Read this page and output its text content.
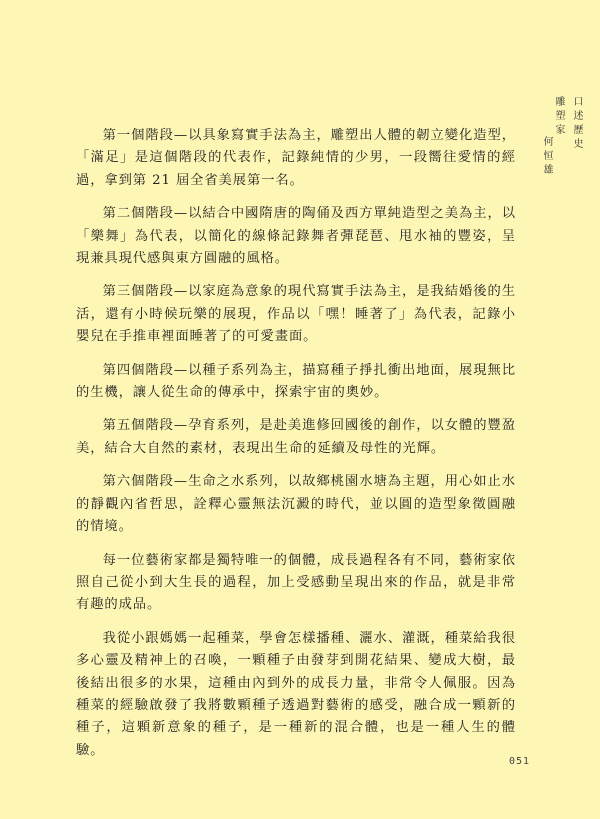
口述歷史
雕塑家
何恒雄

第一個階段—以具象寫實手法為主，雕塑出人體的韌立變化造型，「滿足」是這個階段的代表作，記錄純情的少男，一段嚮往愛情的經過，拿到第 21 屆全省美展第一名。

第二個階段—以結合中國隋唐的陶俑及西方單純造型之美為主，以「樂舞」為代表，以簡化的線條記錄舞者彈琵琶、甩水袖的豐姿，呈現兼具現代感與東方圓融的風格。

第三個階段—以家庭為意象的現代寫實手法為主，是我結婚後的生活，還有小時候玩樂的展現，作品以「嘿！睡著了」為代表，記錄小嬰兒在手推車裡面睡著了的可愛畫面。

第四個階段—以種子系列為主，描寫種子掙扎衝出地面，展現無比的生機，讓人從生命的傳承中，探索宇宙的奧妙。

第五個階段—孕育系列，是赴美進修回國後的創作，以女體的豐盈美，結合大自然的素材，表現出生命的延續及母性的光輝。

第六個階段—生命之水系列，以故鄉桃園水塘為主題，用心如止水的靜觀內省哲思，詮釋心靈無法沉澱的時代，並以圓的造型象徵圓融的情境。

每一位藝術家都是獨特唯一的個體，成長過程各有不同，藝術家依照自己從小到大生長的過程，加上受感動呈現出來的作品，就是非常有趣的成品。

我從小跟媽媽一起種菜，學會怎樣播種、灑水、灌溉，種菜給我很多心靈及精神上的召喚，一顆種子由發芽到開花結果、變成大樹，最後結出很多的水果，這種由內到外的成長力量，非常令人佩服。因為種菜的經驗啟發了我將數顆種子透過對藝術的感受，融合成一顆新的種子，這顆新意象的種子，是一種新的混合體，也是一種人生的體驗。

051
